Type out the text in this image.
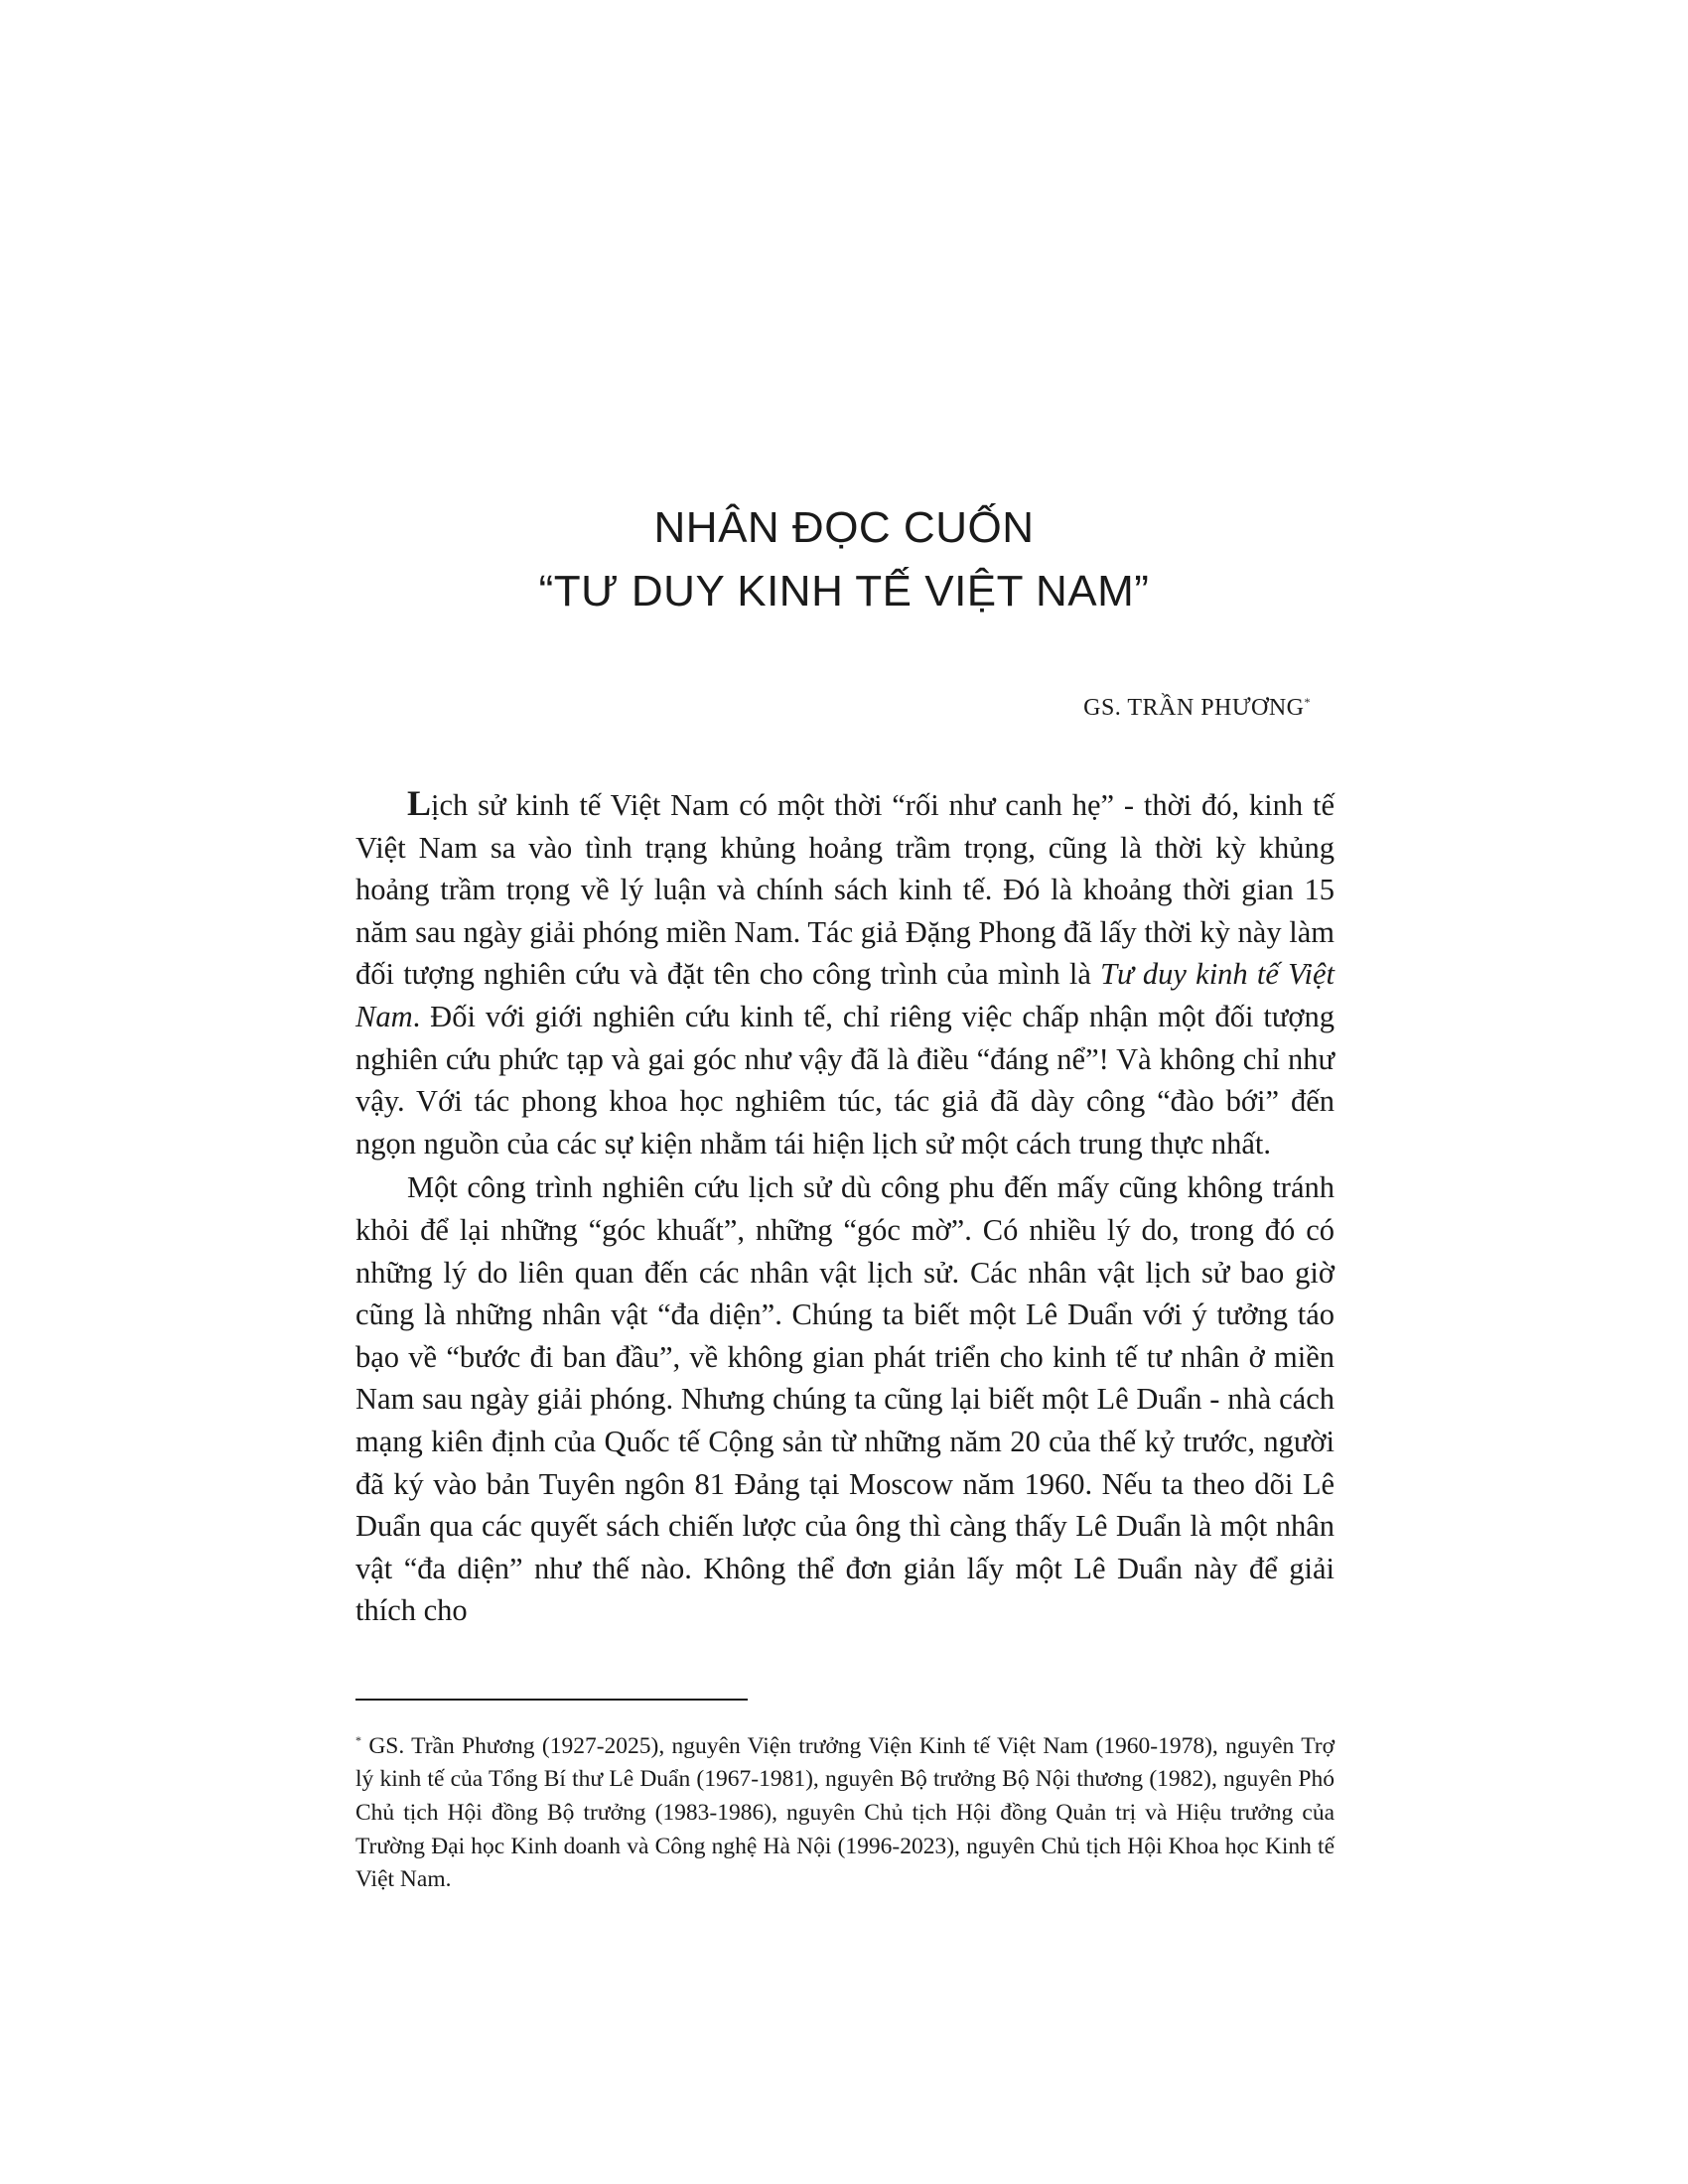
NHÂN ĐỌC CUỐN
“TƯ DUY KINH TẾ VIỆT NAM”
GS. TRẦN PHƯƠNG*

Lịch sử kinh tế Việt Nam có một thời “rối như canh hẹ” - thời đó, kinh tế Việt Nam sa vào tình trạng khủng hoảng trầm trọng, cũng là thời kỳ khủng hoảng trầm trọng về lý luận và chính sách kinh tế. Đó là khoảng thời gian 15 năm sau ngày giải phóng miền Nam. Tác giả Đặng Phong đã lấy thời kỳ này làm đối tượng nghiên cứu và đặt tên cho công trình của mình là Tư duy kinh tế Việt Nam. Đối với giới nghiên cứu kinh tế, chỉ riêng việc chấp nhận một đối tượng nghiên cứu phức tạp và gai góc như vậy đã là điều “đáng nể”! Và không chỉ như vậy. Với tác phong khoa học nghiêm túc, tác giả đã dày công “đào bới” đến ngọn nguồn của các sự kiện nhằm tái hiện lịch sử một cách trung thực nhất.

Một công trình nghiên cứu lịch sử dù công phu đến mấy cũng không tránh khỏi để lại những “góc khuất”, những “góc mờ”. Có nhiều lý do, trong đó có những lý do liên quan đến các nhân vật lịch sử. Các nhân vật lịch sử bao giờ cũng là những nhân vật “đa diện”. Chúng ta biết một Lê Duẩn với ý tưởng táo bạo về “bước đi ban đầu”, về không gian phát triển cho kinh tế tư nhân ở miền Nam sau ngày giải phóng. Nhưng chúng ta cũng lại biết một Lê Duẩn - nhà cách mạng kiên định của Quốc tế Cộng sản từ những năm 20 của thế kỷ trước, người đã ký vào bản Tuyên ngôn 81 Đảng tại Moscow năm 1960. Nếu ta theo dõi Lê Duẩn qua các quyết sách chiến lược của ông thì càng thấy Lê Duẩn là một nhân vật “đa diện” như thế nào. Không thể đơn giản lấy một Lê Duẩn này để giải thích cho

* GS. Trần Phương (1927-2025), nguyên Viện trưởng Viện Kinh tế Việt Nam (1960-1978), nguyên Trợ lý kinh tế của Tổng Bí thư Lê Duẩn (1967-1981), nguyên Bộ trưởng Bộ Nội thương (1982), nguyên Phó Chủ tịch Hội đồng Bộ trưởng (1983-1986), nguyên Chủ tịch Hội đồng Quản trị và Hiệu trưởng của Trường Đại học Kinh doanh và Công nghệ Hà Nội (1996-2023), nguyên Chủ tịch Hội Khoa học Kinh tế Việt Nam.
